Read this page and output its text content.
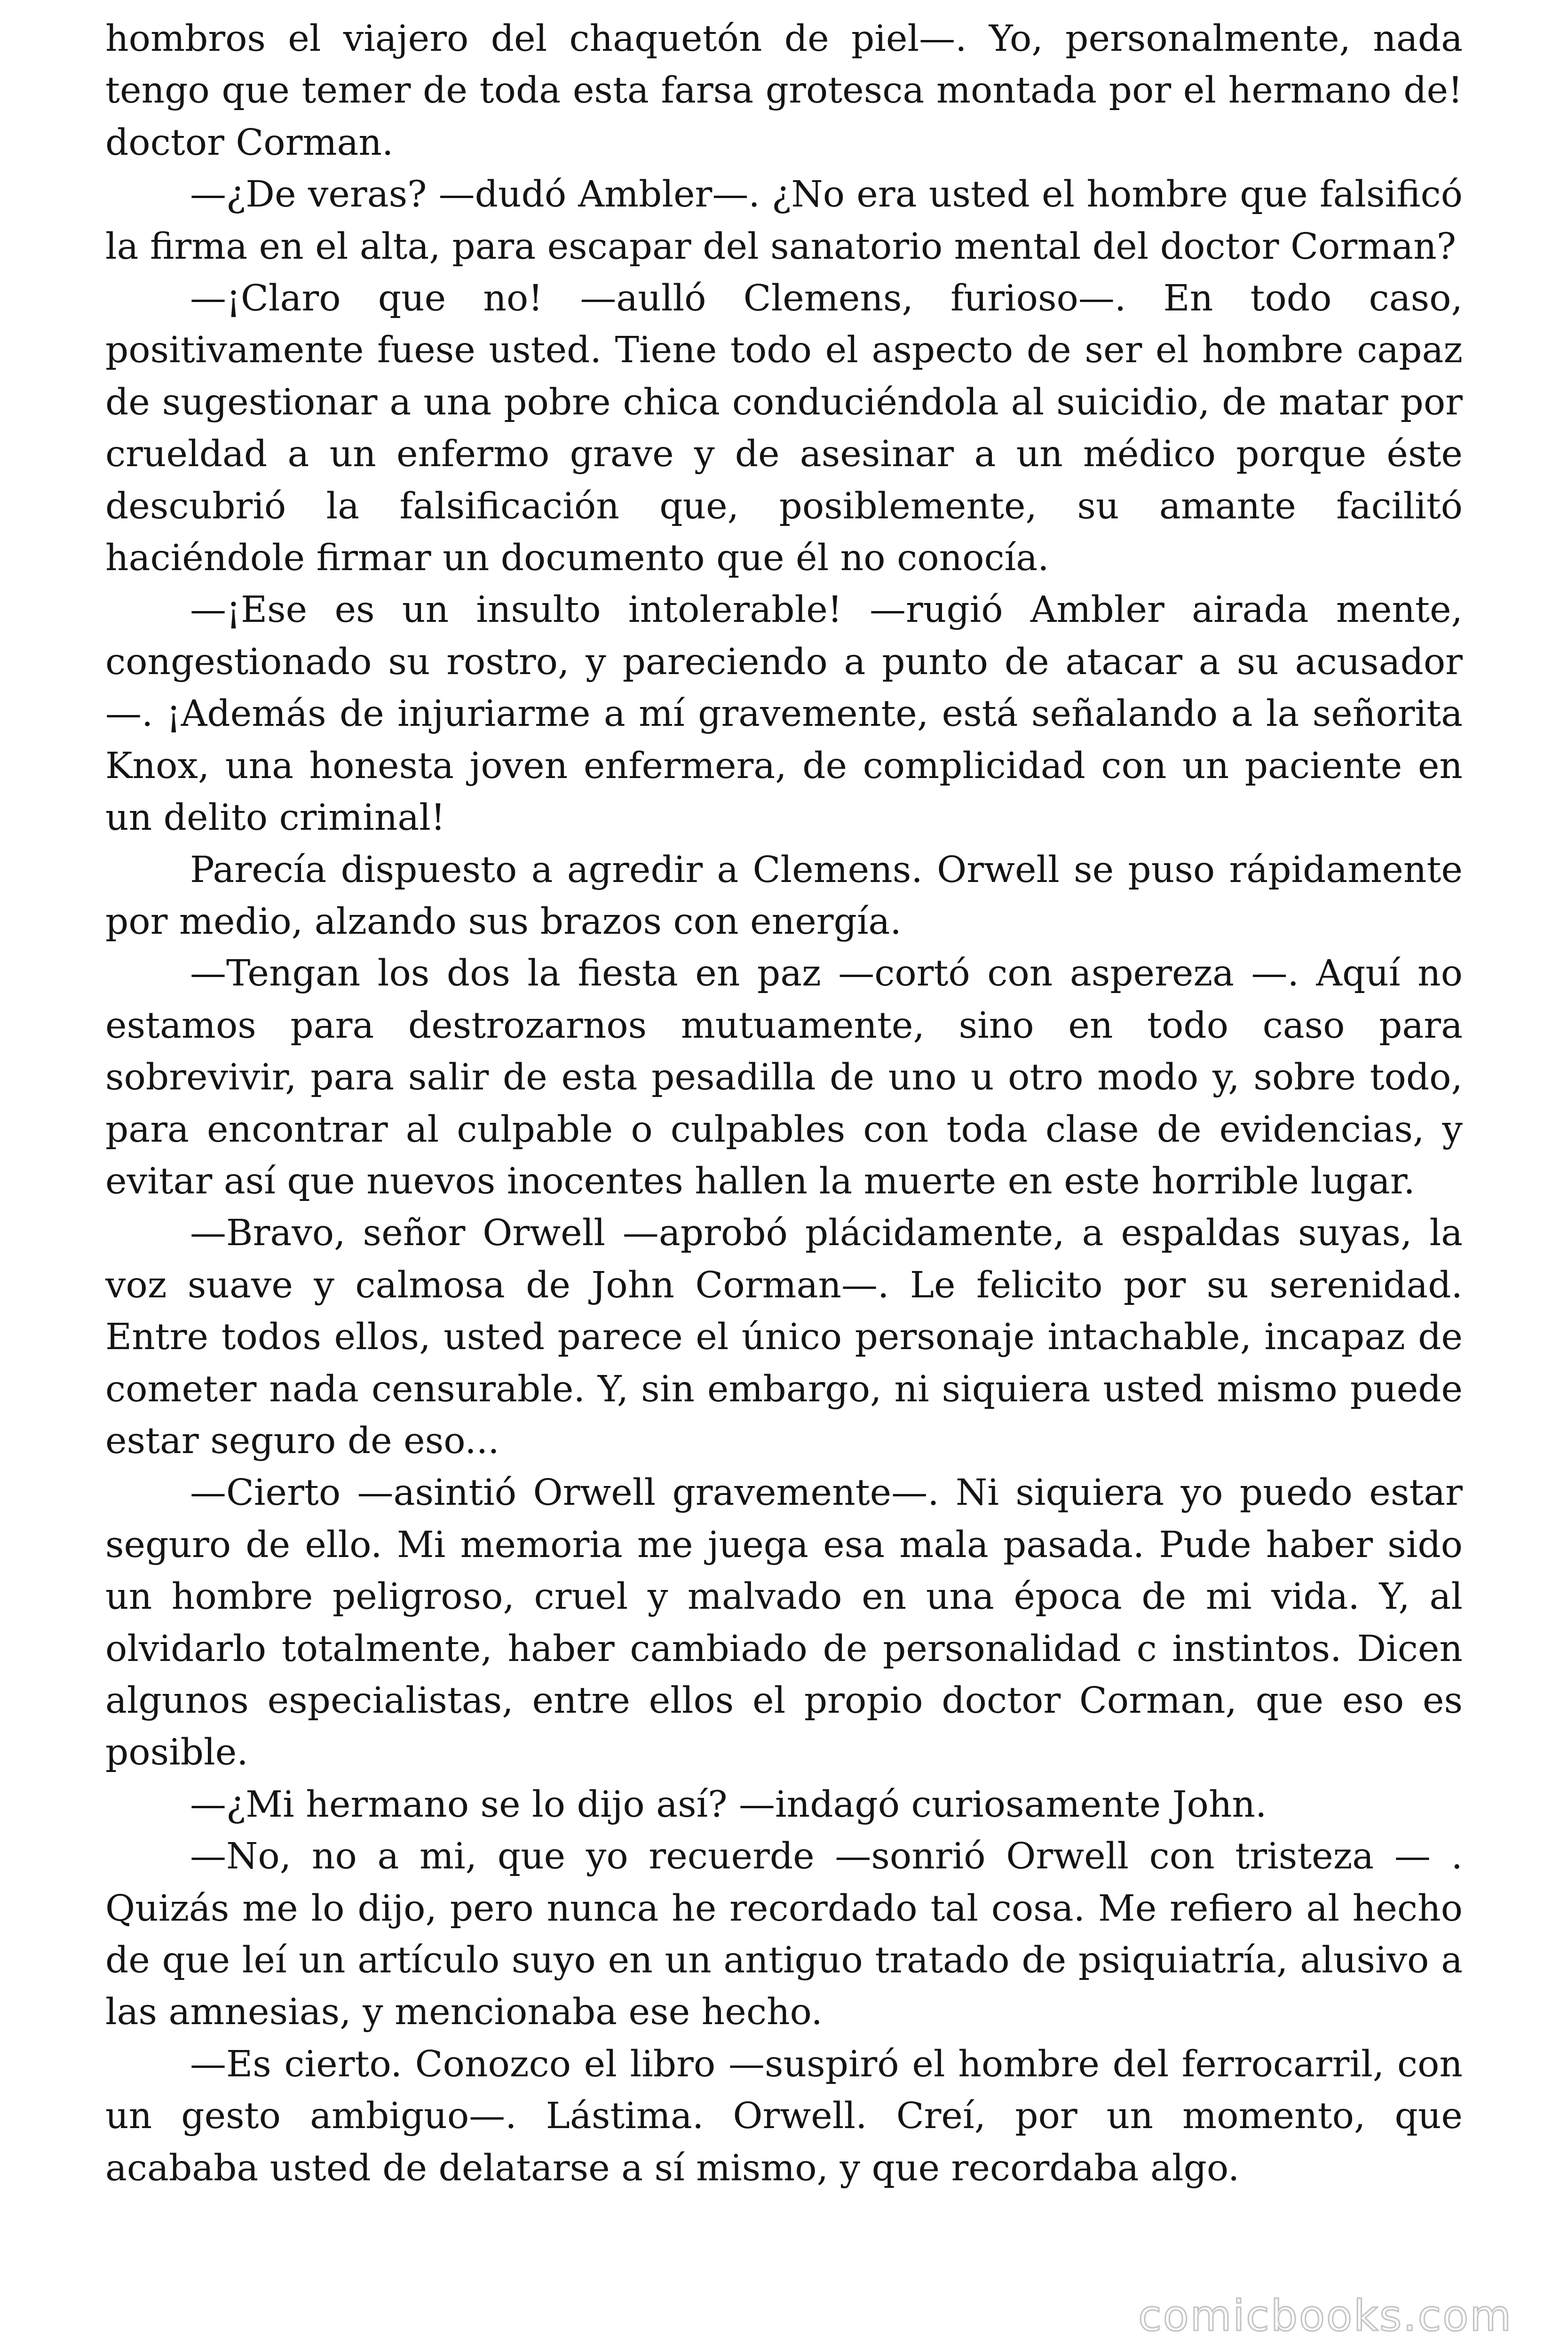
hombros el viajero del chaquetón de piel—. Yo, personalmente, nada tengo que temer de toda esta farsa grotesca montada por el hermano de! doctor Corman.

—¿De veras? —dudó Ambler—. ¿No era usted el hombre que falsificó la firma en el alta, para escapar del sanatorio mental del doctor Corman?

—¡Claro que no! —aulló Clemens, furioso—. En todo caso, positivamente fuese usted. Tiene todo el aspecto de ser el hombre capaz de sugestionar a una pobre chica conduciéndola al suicidio, de matar por crueldad a un enfermo grave y de asesinar a un médico porque éste descubrió la falsificación que, posiblemente, su amante facilitó haciéndole firmar un documento que él no conocía.

—¡Ese es un insulto intolerable! —rugió Ambler airada mente, congestionado su rostro, y pareciendo a punto de atacar a su acusador —. ¡Además de injuriarme a mí gravemente, está señalando a la señorita Knox, una honesta joven enfermera, de complicidad con un paciente en un delito criminal!

Parecía dispuesto a agredir a Clemens. Orwell se puso rápidamente por medio, alzando sus brazos con energía.

—Tengan los dos la fiesta en paz —cortó con aspereza —. Aquí no estamos para destrozarnos mutuamente, sino en todo caso para sobrevivir, para salir de esta pesadilla de uno u otro modo y, sobre todo, para encontrar al culpable o culpables con toda clase de evidencias, y evitar así que nuevos inocentes hallen la muerte en este horrible lugar.

—Bravo, señor Orwell —aprobó plácidamente, a espaldas suyas, la voz suave y calmosa de John Corman—. Le felicito por su serenidad. Entre todos ellos, usted parece el único personaje intachable, incapaz de cometer nada censurable. Y, sin embargo, ni siquiera usted mismo puede estar seguro de eso...

—Cierto —asintió Orwell gravemente—. Ni siquiera yo puedo estar seguro de ello. Mi memoria me juega esa mala pasada. Pude haber sido un hombre peligroso, cruel y malvado en una época de mi vida. Y, al olvidarlo totalmente, haber cambiado de personalidad c instintos. Dicen algunos especialistas, entre ellos el propio doctor Corman, que eso es posible.

—¿Mi hermano se lo dijo así? —indagó curiosamente John.

—No, no a mi, que yo recuerde —sonrió Orwell con tristeza — . Quizás me lo dijo, pero nunca he recordado tal cosa. Me refiero al hecho de que leí un artículo suyo en un antiguo tratado de psiquiatría, alusivo a las amnesias, y mencionaba ese hecho.

—Es cierto. Conozco el libro —suspiró el hombre del ferrocarril, con un gesto ambiguo—. Lástima. Orwell. Creí, por un momento, que acababa usted de delatarse a sí mismo, y que recordaba algo.

comicbooks.com
